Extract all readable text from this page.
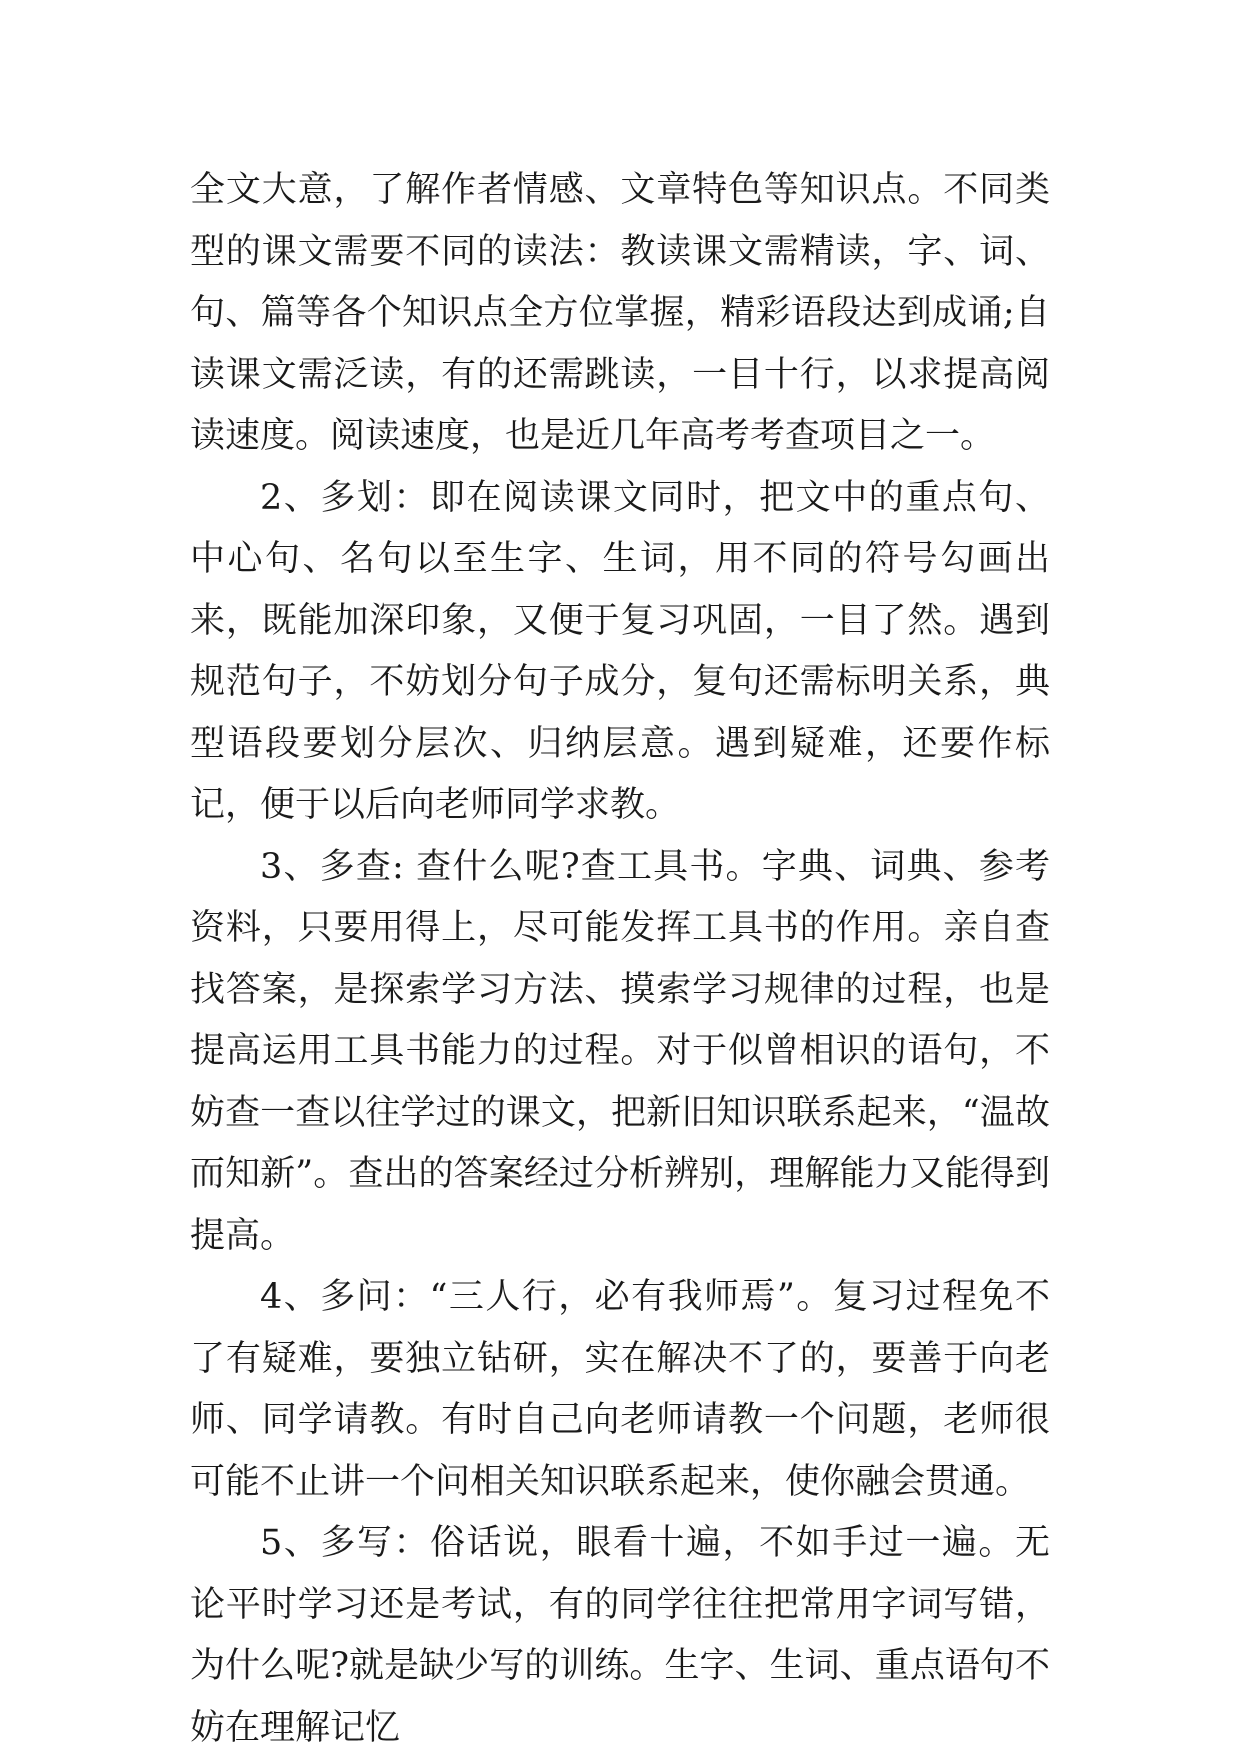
全文大意，了解作者情感、文章特色等知识点。不同类型的课文需要不同的读法：教读课文需精读，字、词、句、篇等各个知识点全方位掌握，精彩语段达到成诵;自读课文需泛读，有的还需跳读，一目十行，以求提高阅读速度。阅读速度，也是近几年高考考查项目之一。

2、多划：即在阅读课文同时，把文中的重点句、中心句、名句以至生字、生词，用不同的符号勾画出来，既能加深印象，又便于复习巩固，一目了然。遇到规范句子，不妨划分句子成分，复句还需标明关系，典型语段要划分层次、归纳层意。遇到疑难，还要作标记，便于以后向老师同学求教。

3、多查: 查什么呢?查工具书。字典、词典、参考资料，只要用得上，尽可能发挥工具书的作用。亲自查找答案，是探索学习方法、摸索学习规律的过程，也是提高运用工具书能力的过程。对于似曾相识的语句，不妨查一查以往学过的课文，把新旧知识联系起来，“温故而知新”。查出的答案经过分析辨别，理解能力又能得到提高。

4、多问：“三人行，必有我师焉”。复习过程免不了有疑难，要独立钻研，实在解决不了的，要善于向老师、同学请教。有时自己向老师请教一个问题，老师很可能不止讲一个问相关知识联系起来，使你融会贯通。

5、多写：俗话说，眼看十遍，不如手过一遍。无论平时学习还是考试，有的同学往往把常用字词写错，为什么呢?就是缺少写的训练。生字、生词、重点语句不妨在理解记忆
